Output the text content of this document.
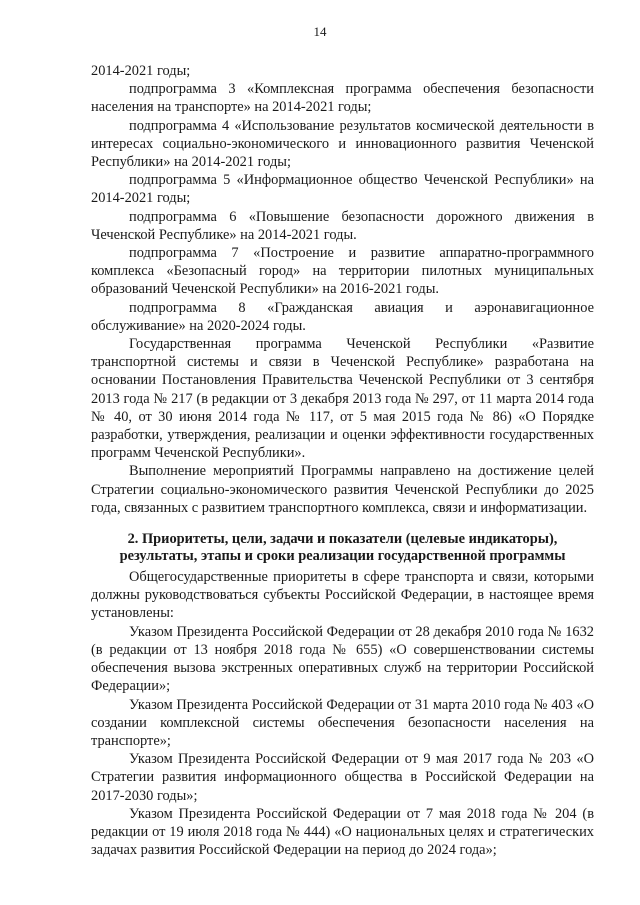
14

2014-2021 годы;

подпрограмма 3 «Комплексная программа обеспечения безопасности населения на транспорте» на 2014-2021 годы;

подпрограмма 4 «Использование результатов космической деятельности в интересах социально-экономического и инновационного развития Чеченской Республики» на 2014-2021 годы;

подпрограмма 5 «Информационное общество Чеченской Республики» на 2014-2021 годы;

подпрограмма 6 «Повышение безопасности дорожного движения в Чеченской Республике» на 2014-2021 годы.

подпрограмма 7 «Построение и развитие аппаратно-программного комплекса «Безопасный город» на территории пилотных муниципальных образований Чеченской Республики» на 2016-2021 годы.

подпрограмма 8 «Гражданская авиация и аэронавигационное обслуживание» на 2020-2024 годы.

Государственная программа Чеченской Республики «Развитие транспортной системы и связи в Чеченской Республике» разработана на основании Постановления Правительства Чеченской Республики от 3 сентября 2013 года № 217 (в редакции от 3 декабря 2013 года № 297, от 11 марта 2014 года № 40, от 30 июня 2014 года № 117, от 5 мая 2015 года № 86) «О Порядке разработки, утверждения, реализации и оценки эффективности государственных программ Чеченской Республики».

Выполнение мероприятий Программы направлено на достижение целей Стратегии социально-экономического развития Чеченской Республики до 2025 года, связанных с развитием транспортного комплекса, связи и информатизации.

2. Приоритеты, цели, задачи и показатели (целевые индикаторы),
результаты, этапы и сроки реализации государственной программы

Общегосударственные приоритеты в сфере транспорта и связи, которыми должны руководствоваться субъекты Российской Федерации, в настоящее время установлены:

Указом Президента Российской Федерации от 28 декабря 2010 года № 1632 (в редакции от 13 ноября 2018 года № 655) «О совершенствовании системы обеспечения вызова экстренных оперативных служб на территории Российской Федерации»;

Указом Президента Российской Федерации от 31 марта 2010 года № 403 «О создании комплексной системы обеспечения безопасности населения на транспорте»;

Указом Президента Российской Федерации от 9 мая 2017 года № 203 «О Стратегии развития информационного общества в Российской Федерации на 2017-2030 годы»;

Указом Президента Российской Федерации от 7 мая 2018 года № 204 (в редакции от 19 июля 2018 года № 444) «О национальных целях и стратегических задачах развития Российской Федерации на период до 2024 года»;
